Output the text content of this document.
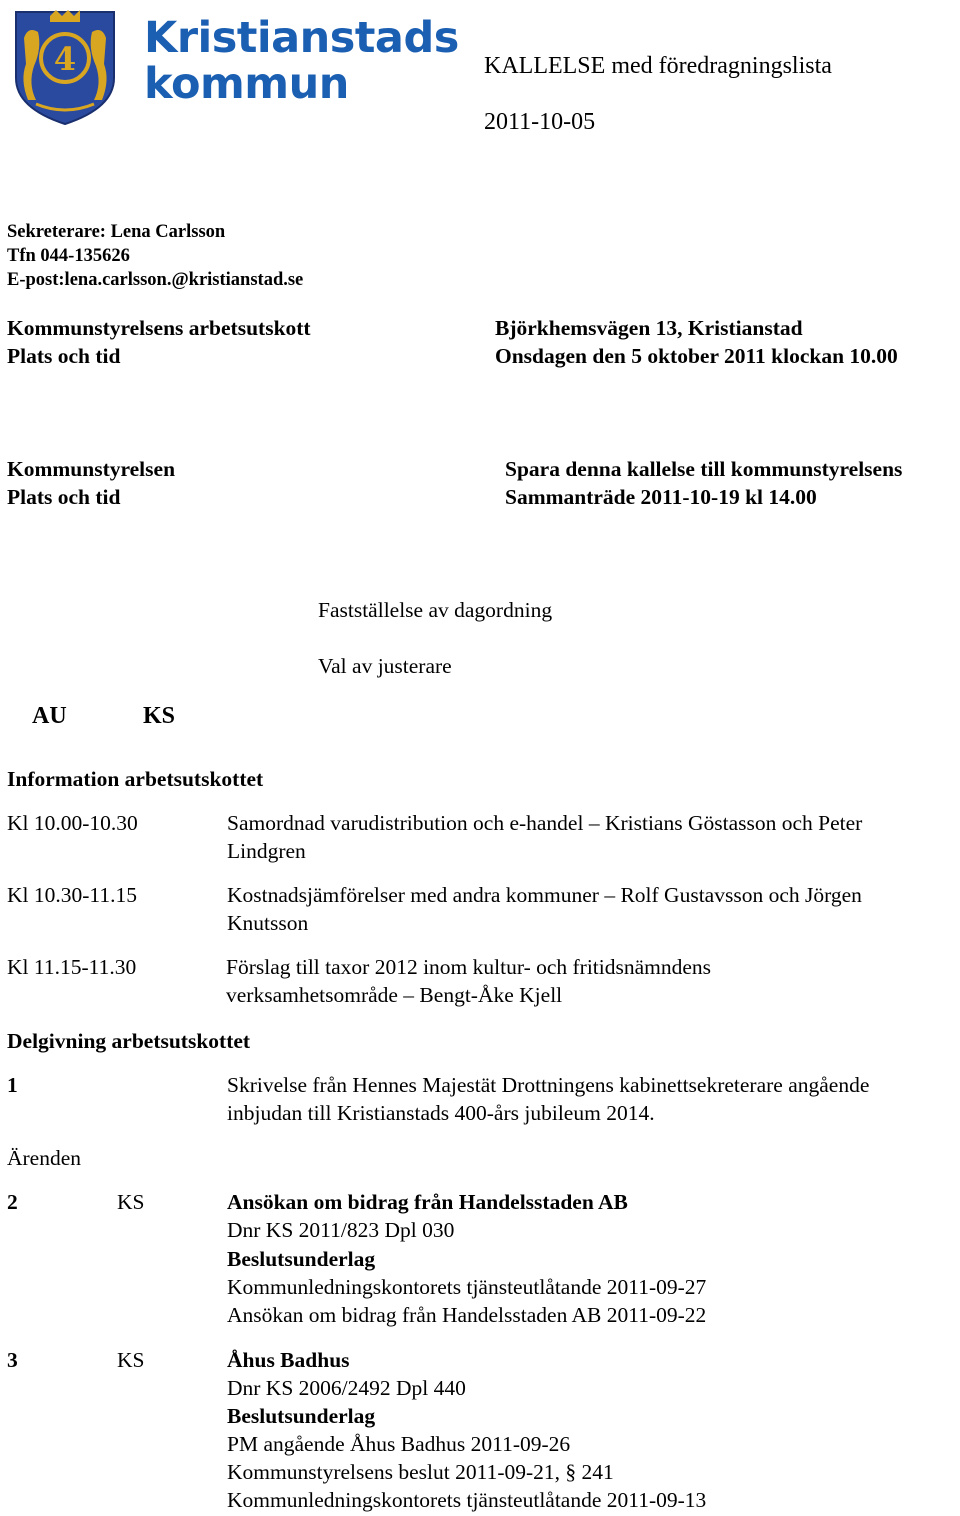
4 Kristianstads
kommun	KALLELSE med föredragningslista
2011-10-05
Sekreterare: Lena Carlsson
Tfn 044-135626
E-post:lena.carlsson.@kristianstad.se
Kommunstyrelsens arbetsutskott
Plats och tid
Björkhemsvägen 13, Kristianstad
Onsdagen den 5 oktober 2011 klockan 10.00
Kommunstyrelsen
Plats och tid
Spara denna kallelse till kommunstyrelsens
Sammanträde 2011-10-19 kl 14.00
Fastställelse av dagordning
Val av justerare
AU	KS
Information arbetsutskottet
Kl 10.00-10.30	Samordnad varudistribution och e-handel – Kristians Göstasson och Peter
Lindgren
Kl 10.30-11.15	Kostnadsjämförelser med andra kommuner – Rolf Gustavsson och Jörgen
Knutsson
Kl 11.15-11.30	Förslag till taxor 2012 inom kultur- och fritidsnämndens
verksamhetsområde – Bengt-Åke Kjell
Delgivning arbetsutskottet
1	Skrivelse från Hennes Majestät Drottningens kabinettsekreterare angående
inbjudan till Kristianstads 400-års jubileum 2014.
Ärenden
2	KS	Ansökan om bidrag från Handelsstaden AB
Dnr KS 2011/823 Dpl 030
Beslutsunderlag
Kommunledningskontorets tjänsteutlåtande 2011-09-27
Ansökan om bidrag från Handelsstaden AB 2011-09-22
3	KS	Åhus Badhus
Dnr KS 2006/2492 Dpl 440
Beslutsunderlag
PM angående Åhus Badhus 2011-09-26
Kommunstyrelsens beslut 2011-09-21, § 241
Kommunledningskontorets tjänsteutlåtande 2011-09-13
